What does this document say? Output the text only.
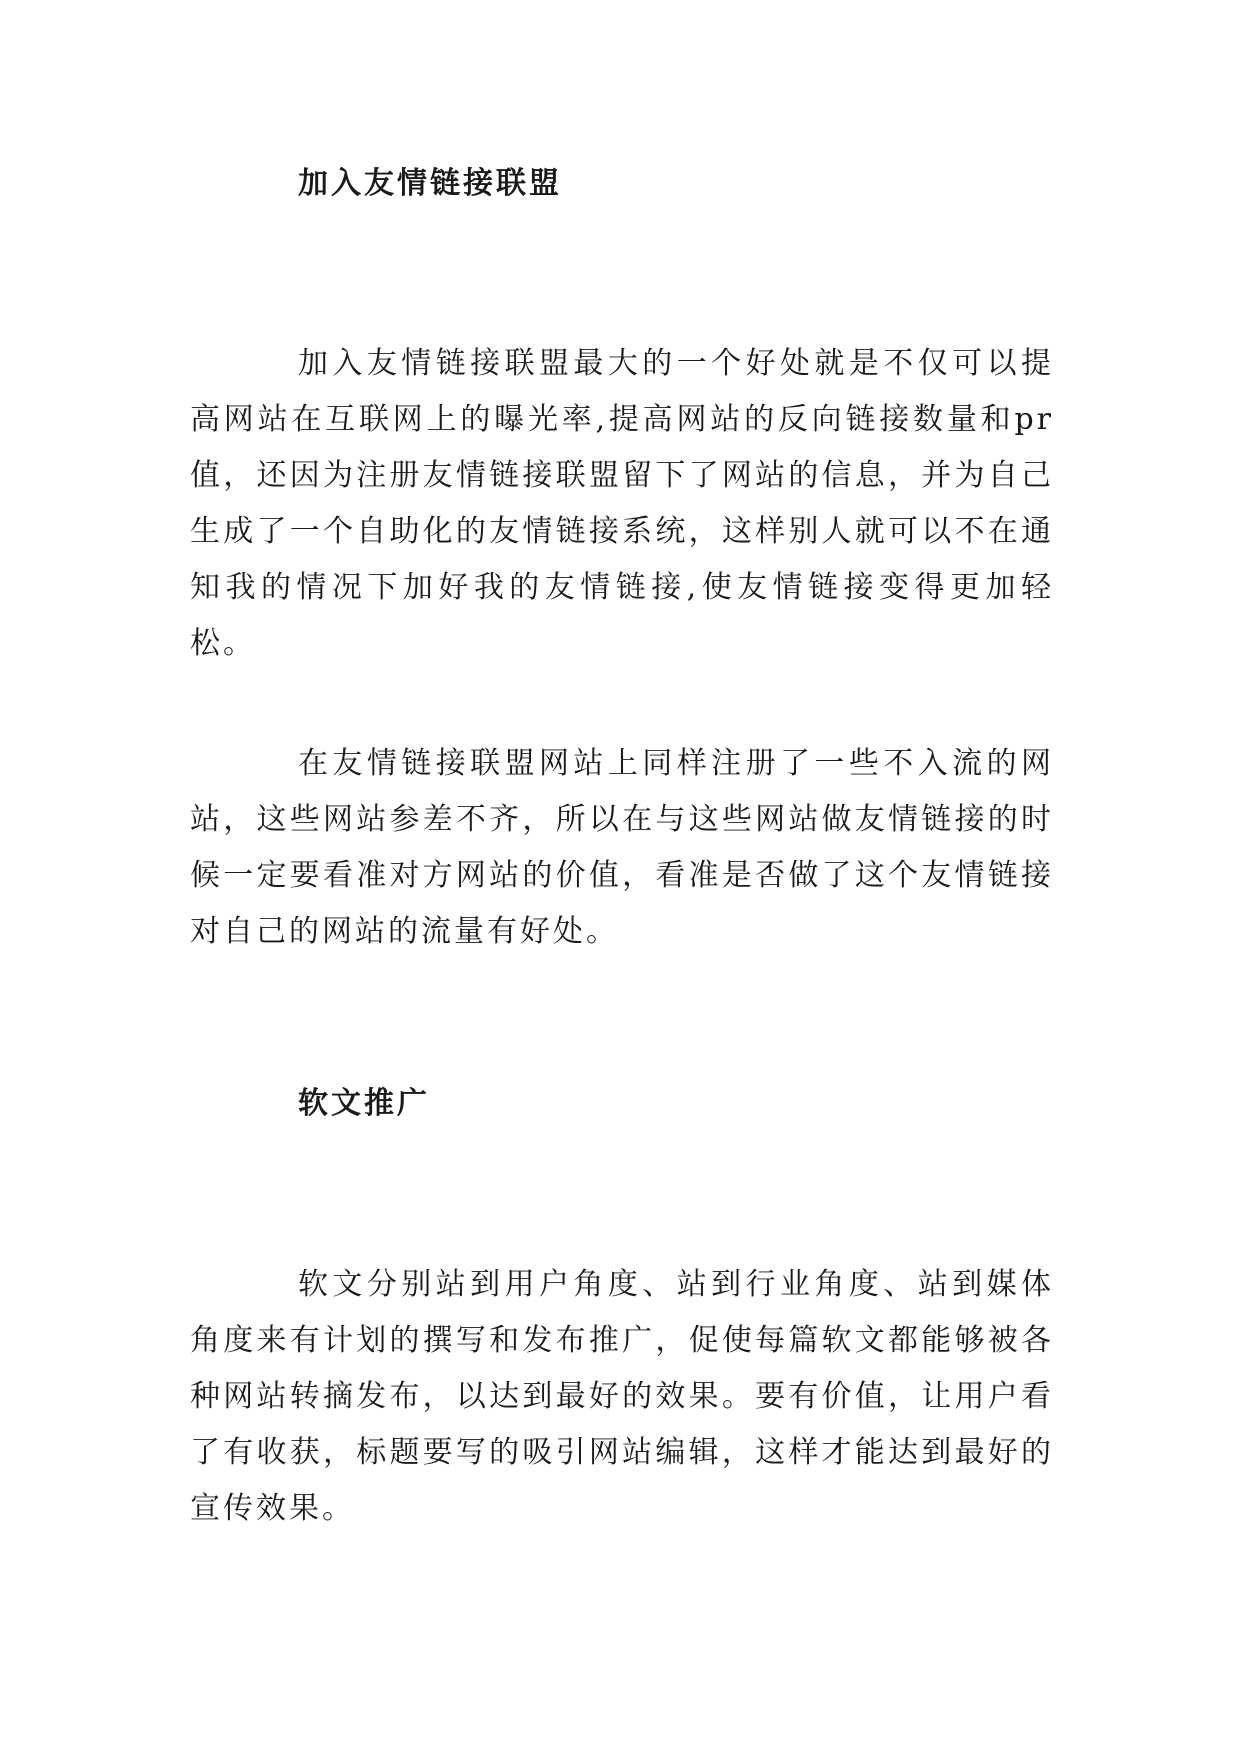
加入友情链接联盟

加入友情链接联盟最大的一个好处就是不仅可以提高网站在互联网上的曝光率,提高网站的反向链接数量和pr值，还因为注册友情链接联盟留下了网站的信息，并为自己生成了一个自助化的友情链接系统，这样别人就可以不在通知我的情况下加好我的友情链接,使友情链接变得更加轻松。

在友情链接联盟网站上同样注册了一些不入流的网站，这些网站参差不齐，所以在与这些网站做友情链接的时候一定要看准对方网站的价值，看准是否做了这个友情链接对自己的网站的流量有好处。

软文推广

软文分别站到用户角度、站到行业角度、站到媒体角度来有计划的撰写和发布推广，促使每篇软文都能够被各种网站转摘发布，以达到最好的效果。要有价值，让用户看了有收获，标题要写的吸引网站编辑，这样才能达到最好的宣传效果。
